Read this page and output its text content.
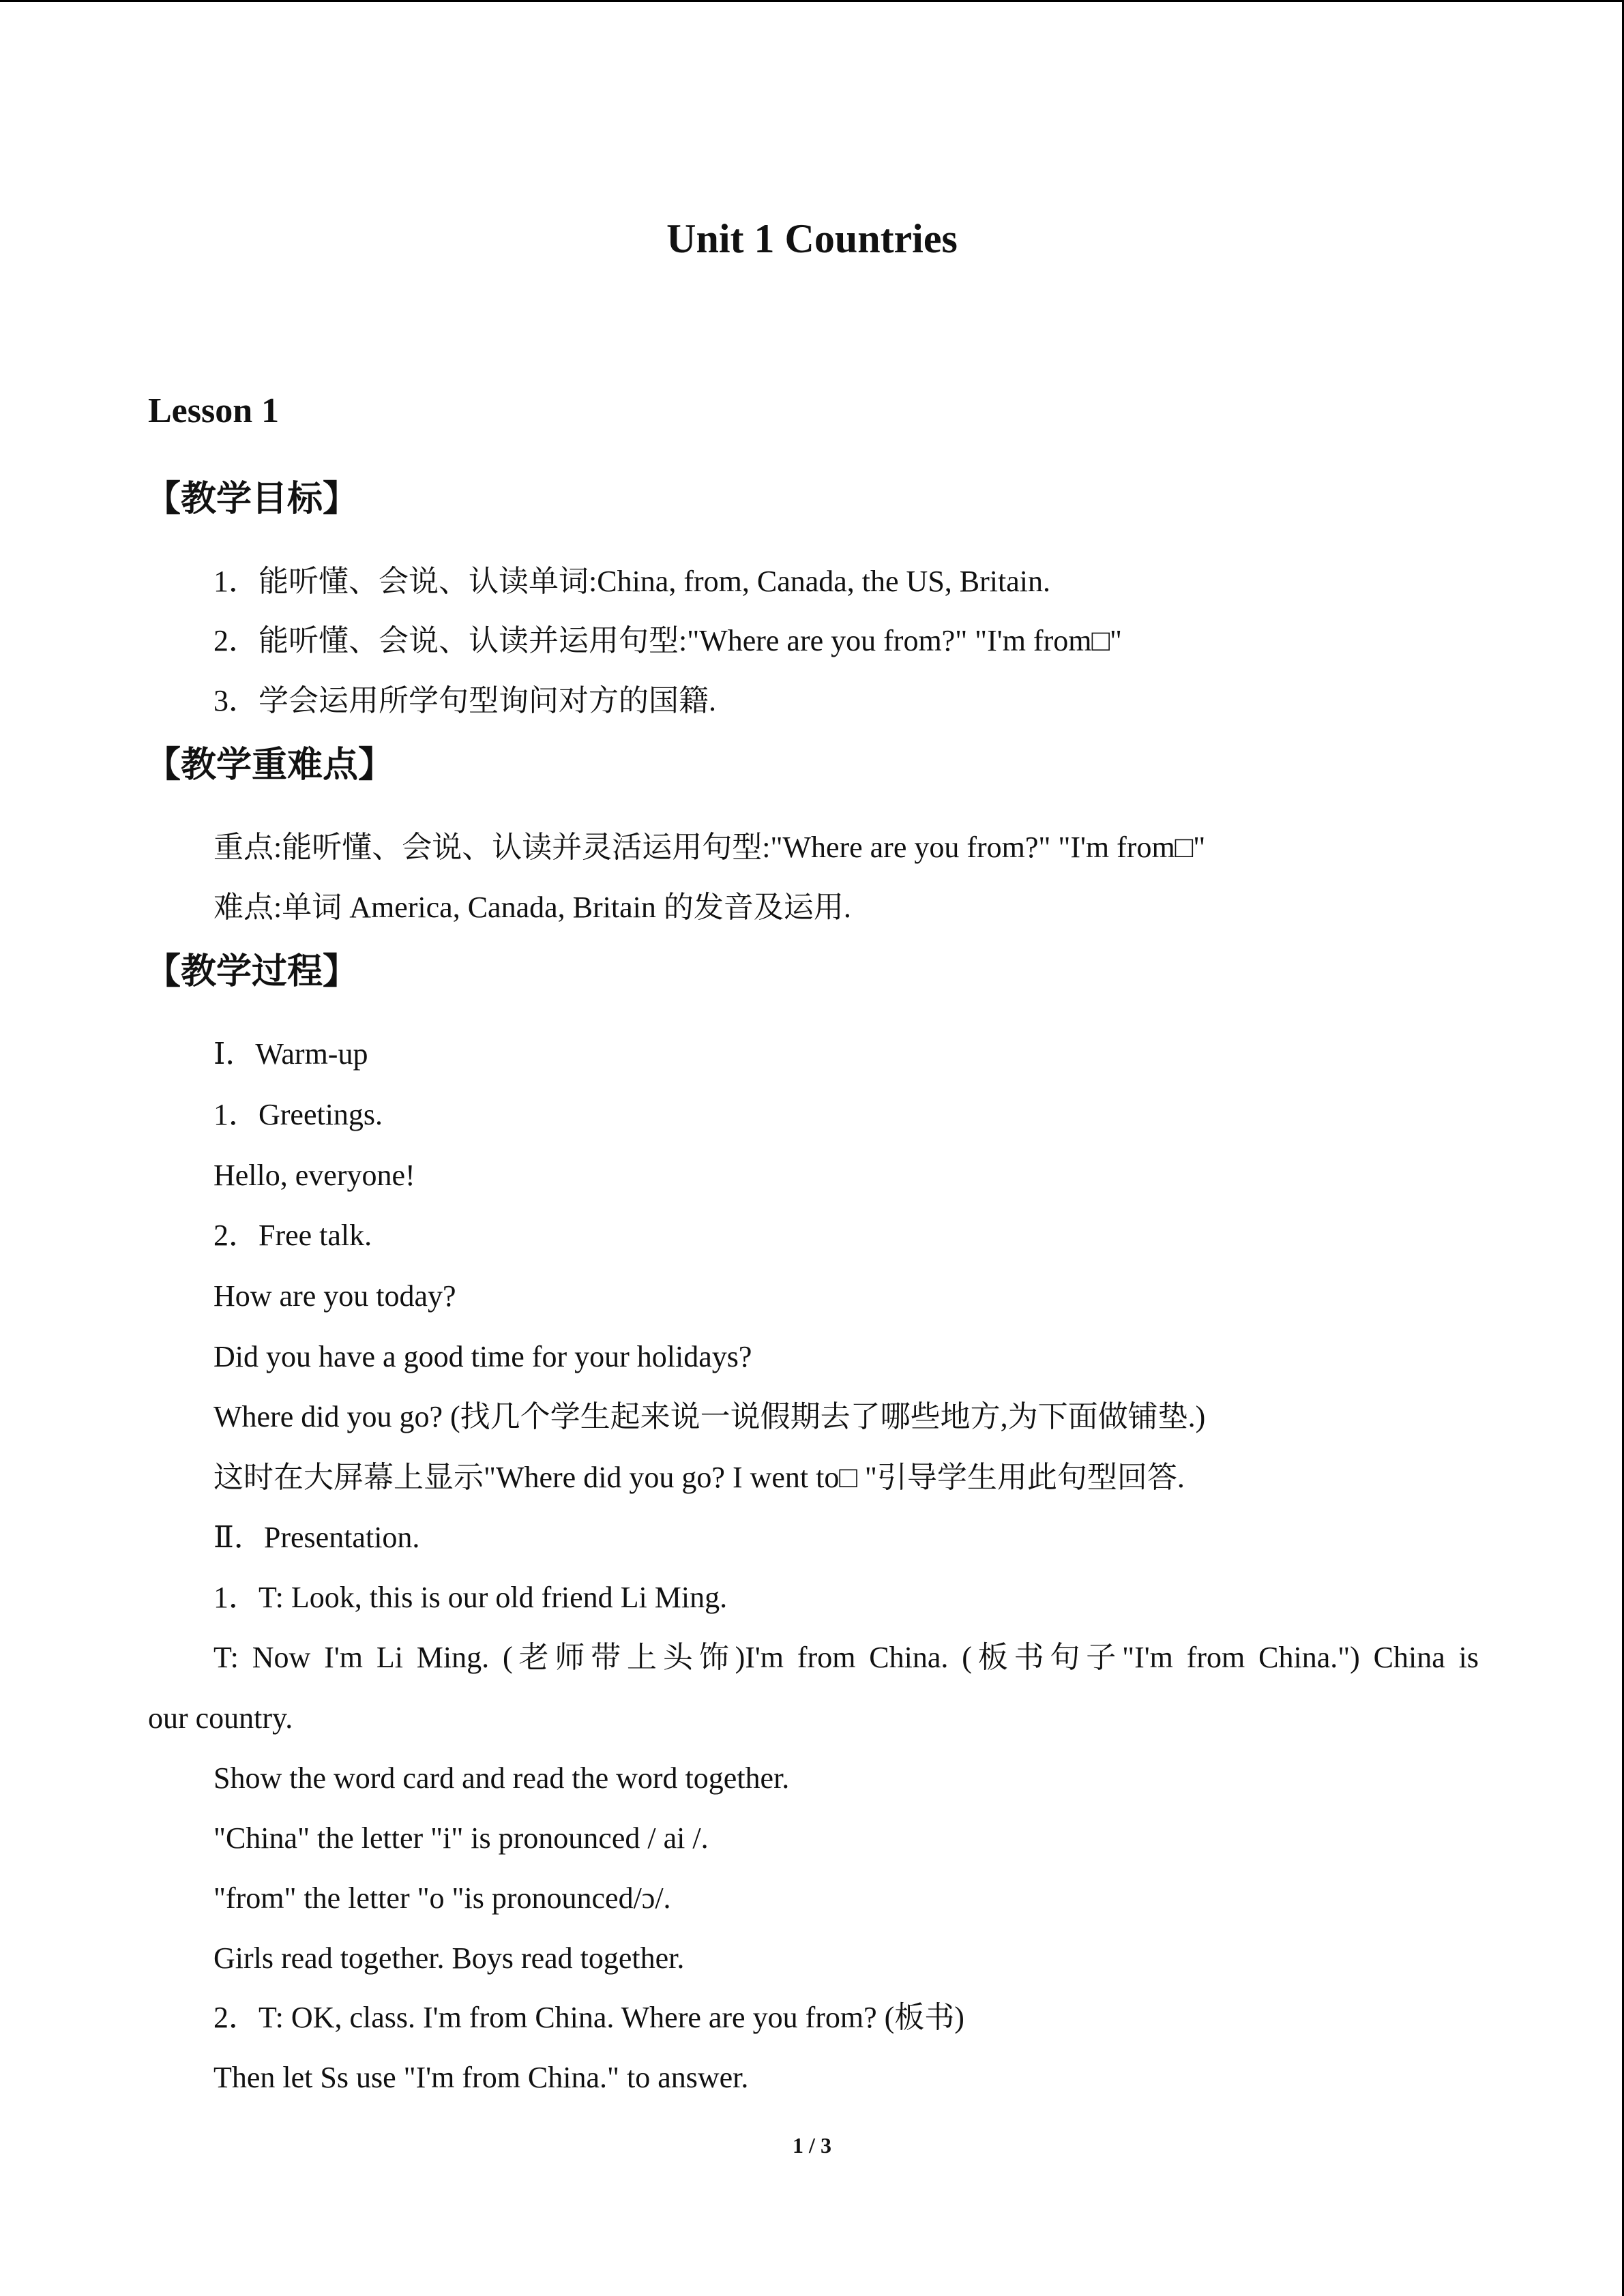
Unit 1 Countries
Lesson 1
【教学目标】
1．能听懂、会说、认读单词:China, from, Canada, the US, Britain.
2．能听懂、会说、认读并运用句型:"Where are you from?" "I'm from□"
3．学会运用所学句型询问对方的国籍.
【教学重难点】
重点:能听懂、会说、认读并灵活运用句型:"Where are you from?" "I'm from□"
难点:单词 America, Canada, Britain 的发音及运用.
【教学过程】
Ⅰ．Warm-up
1．Greetings.
Hello, everyone!
2．Free talk.
How are you today?
Did you have a good time for your holidays?
Where did you go? (找几个学生起来说一说假期去了哪些地方,为下面做铺垫.)
这时在大屏幕上显示"Where did you go? I went to□ "引导学生用此句型回答.
Ⅱ．Presentation.
1．T: Look, this is our old friend Li Ming.
T: Now I'm Li Ming. (老师带上头饰)I'm from China. (板书句子"I'm from China.") China is
our country.
Show the word card and read the word together.
"China" the letter "i" is pronounced / ai /.
"from" the letter "o "is pronounced/ɔ/.
Girls read together. Boys read together.
2．T: OK, class. I'm from China. Where are you from? (板书)
Then let Ss use "I'm from China." to answer.
1 / 3
